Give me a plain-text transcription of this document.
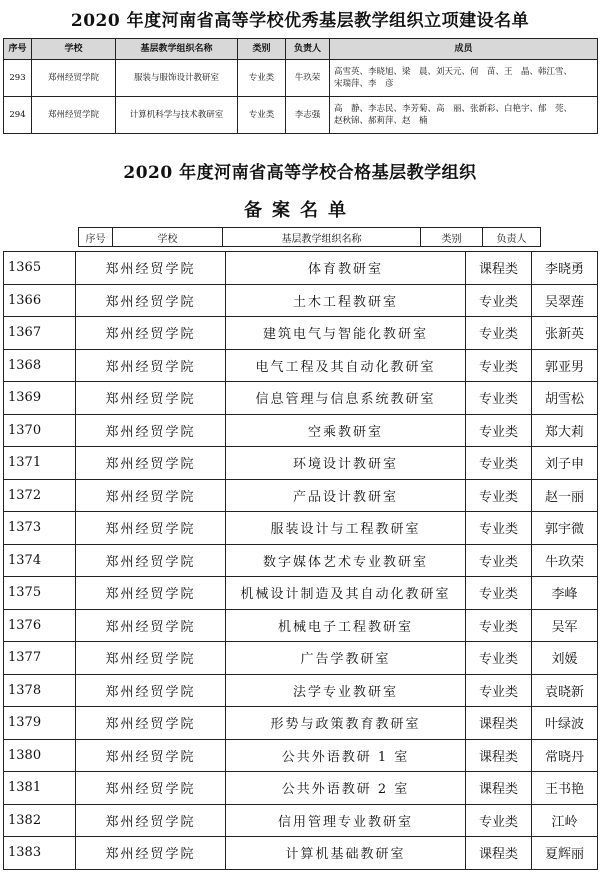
2020 年度河南省高等学校优秀基层教学组织立项建设名单
序号	学校	基层教学组织名称	类别	负责人	成员
293	郑州经贸学院	服装与服饰设计教研室	专业类	牛玖荣	高雪英、李晓旭、梁　晨、刘天元、何　苗、王　晶、韩江雪、
宋瑞萍、李　彦

294	郑州经贸学院	计算机科学与技术教研室	专业类	李志强	高　静、李志民、李芳菊、高　丽、张新彩、白艳宇、郁　莞、
赵秋锦、郝莉萍、赵　楠
2020 年度河南省高等学校合格基层教学组织
备案名单
序号	学校	基层教学组织名称	类别	负责人
1365	郑州经贸学院	体育教研室	课程类	李晓勇
1366	郑州经贸学院	土木工程教研室	专业类	吴翠莲
1367	郑州经贸学院	建筑电气与智能化教研室	专业类	张新英
1368	郑州经贸学院	电气工程及其自动化教研室	专业类	郭亚男
1369	郑州经贸学院	信息管理与信息系统教研室	专业类	胡雪松
1370	郑州经贸学院	空乘教研室	专业类	郑大莉
1371	郑州经贸学院	环境设计教研室	专业类	刘子申
1372	郑州经贸学院	产品设计教研室	专业类	赵一丽
1373	郑州经贸学院	服装设计与工程教研室	专业类	郭宇微
1374	郑州经贸学院	数字媒体艺术专业教研室	专业类	牛玖荣
1375	郑州经贸学院	机械设计制造及其自动化教研室	专业类	李峰
1376	郑州经贸学院	机械电子工程教研室	专业类	吴军
1377	郑州经贸学院	广告学教研室	专业类	刘媛
1378	郑州经贸学院	法学专业教研室	专业类	袁晓新
1379	郑州经贸学院	形势与政策教育教研室	课程类	叶绿波
1380	郑州经贸学院	公共外语教研 1 室	课程类	常晓丹
1381	郑州经贸学院	公共外语教研 2 室	课程类	王书艳
1382	郑州经贸学院	信用管理专业教研室	专业类	江岭
1383	郑州经贸学院	计算机基础教研室	课程类	夏辉丽
